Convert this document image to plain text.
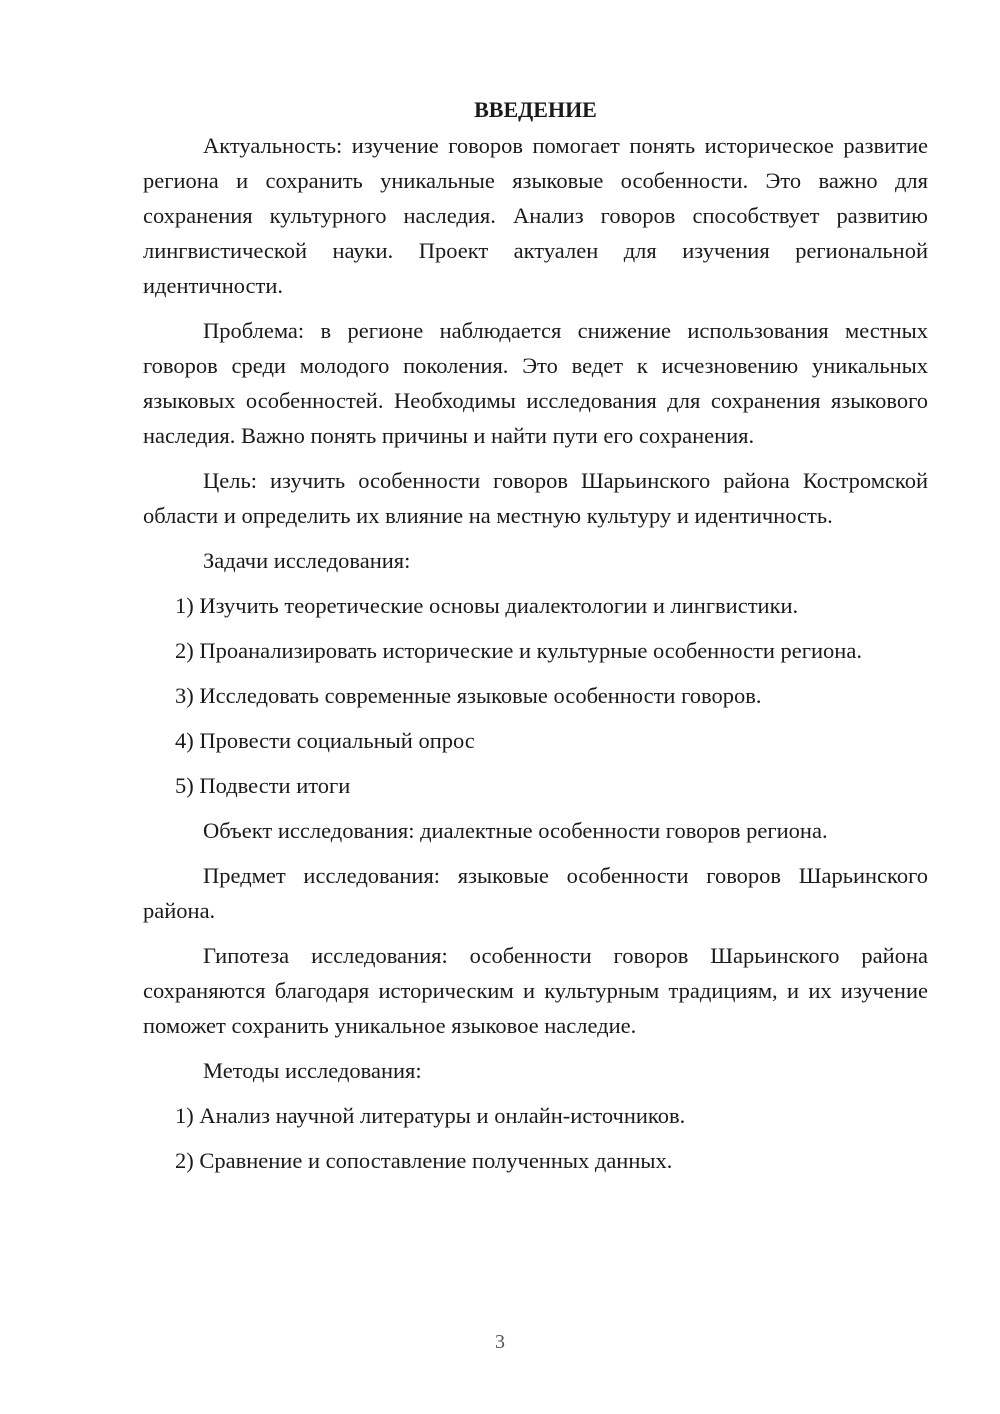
ВВЕДЕНИЕ

Актуальность: изучение говоров помогает понять историческое развитие региона и сохранить уникальные языковые особенности. Это важно для сохранения культурного наследия. Анализ говоров способствует развитию лингвистической науки. Проект актуален для изучения региональной идентичности.

Проблема: в регионе наблюдается снижение использования местных говоров среди молодого поколения. Это ведет к исчезновению уникальных языковых особенностей. Необходимы исследования для сохранения языкового наследия. Важно понять причины и найти пути его сохранения.

Цель: изучить особенности говоров Шарьинского района Костромской области и определить их влияние на местную культуру и идентичность.

Задачи исследования:

1) Изучить теоретические основы диалектологии и лингвистики.

2) Проанализировать исторические и культурные особенности региона.

3) Исследовать современные языковые особенности говоров.

4) Провести социальный опрос

5) Подвести итоги

Объект исследования: диалектные особенности говоров региона.

Предмет исследования: языковые особенности говоров Шарьинского района.

Гипотеза исследования: особенности говоров Шарьинского района сохраняются благодаря историческим и культурным традициям, и их изучение поможет сохранить уникальное языковое наследие.

Методы исследования:

1) Анализ научной литературы и онлайн-источников.

2) Сравнение и сопоставление полученных данных.

3
